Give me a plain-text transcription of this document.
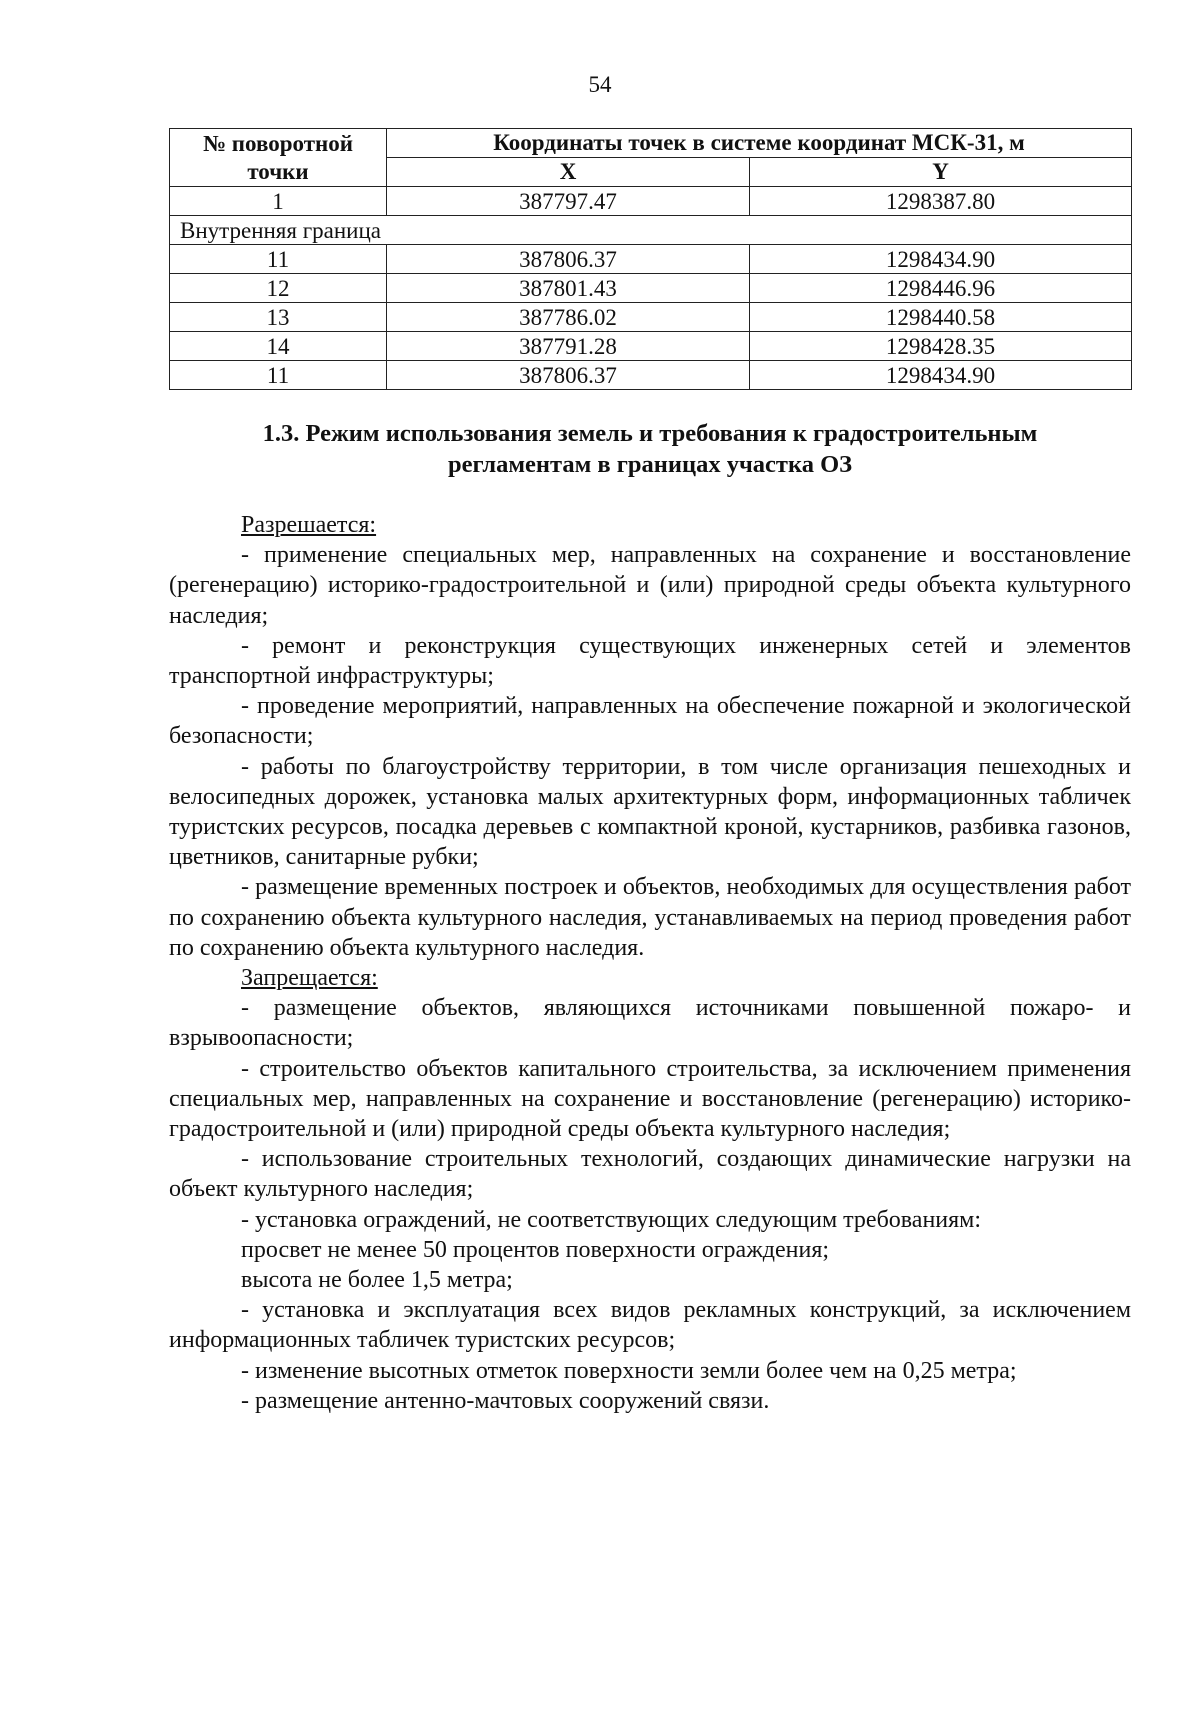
54
№ поворотной точки	Координаты точек в системе координат МСК-31, м	
	X	Y
1	387797.47	1298387.80
Внутренняя граница		
11	387806.37	1298434.90
12	387801.43	1298446.96
13	387786.02	1298440.58
14	387791.28	1298428.35
11	387806.37	1298434.90
1.3. Режим использования земель и требования к градостроительным
регламентам в границах участка ОЗ

Разрешается:

- применение специальных мер, направленных на сохранение и восстановление (регенерацию) историко-градостроительной и (или) природной среды объекта культурного наследия;

- ремонт и реконструкция существующих инженерных сетей и элементов транспортной инфраструктуры;

- проведение мероприятий, направленных на обеспечение пожарной и экологической безопасности;

- работы по благоустройству территории, в том числе организация пешеходных и велосипедных дорожек, установка малых архитектурных форм, информационных табличек туристских ресурсов, посадка деревьев с компактной кроной, кустарников, разбивка газонов, цветников, санитарные рубки;

- размещение временных построек и объектов, необходимых для осуществления работ по сохранению объекта культурного наследия, устанавливаемых на период проведения работ по сохранению объекта культурного наследия.

Запрещается:

- размещение объектов, являющихся источниками повышенной пожаро- и взрывоопасности;

- строительство объектов капитального строительства, за исключением применения специальных мер, направленных на сохранение и восстановление (регенерацию) историко-градостроительной и (или) природной среды объекта культурного наследия;

- использование строительных технологий, создающих динамические нагрузки на объект культурного наследия;

- установка ограждений, не соответствующих следующим требованиям:

просвет не менее 50 процентов поверхности ограждения;

высота не более 1,5 метра;

- установка и эксплуатация всех видов рекламных конструкций, за исключением информационных табличек туристских ресурсов;

- изменение высотных отметок поверхности земли более чем на 0,25 метра;

- размещение антенно-мачтовых сооружений связи.
